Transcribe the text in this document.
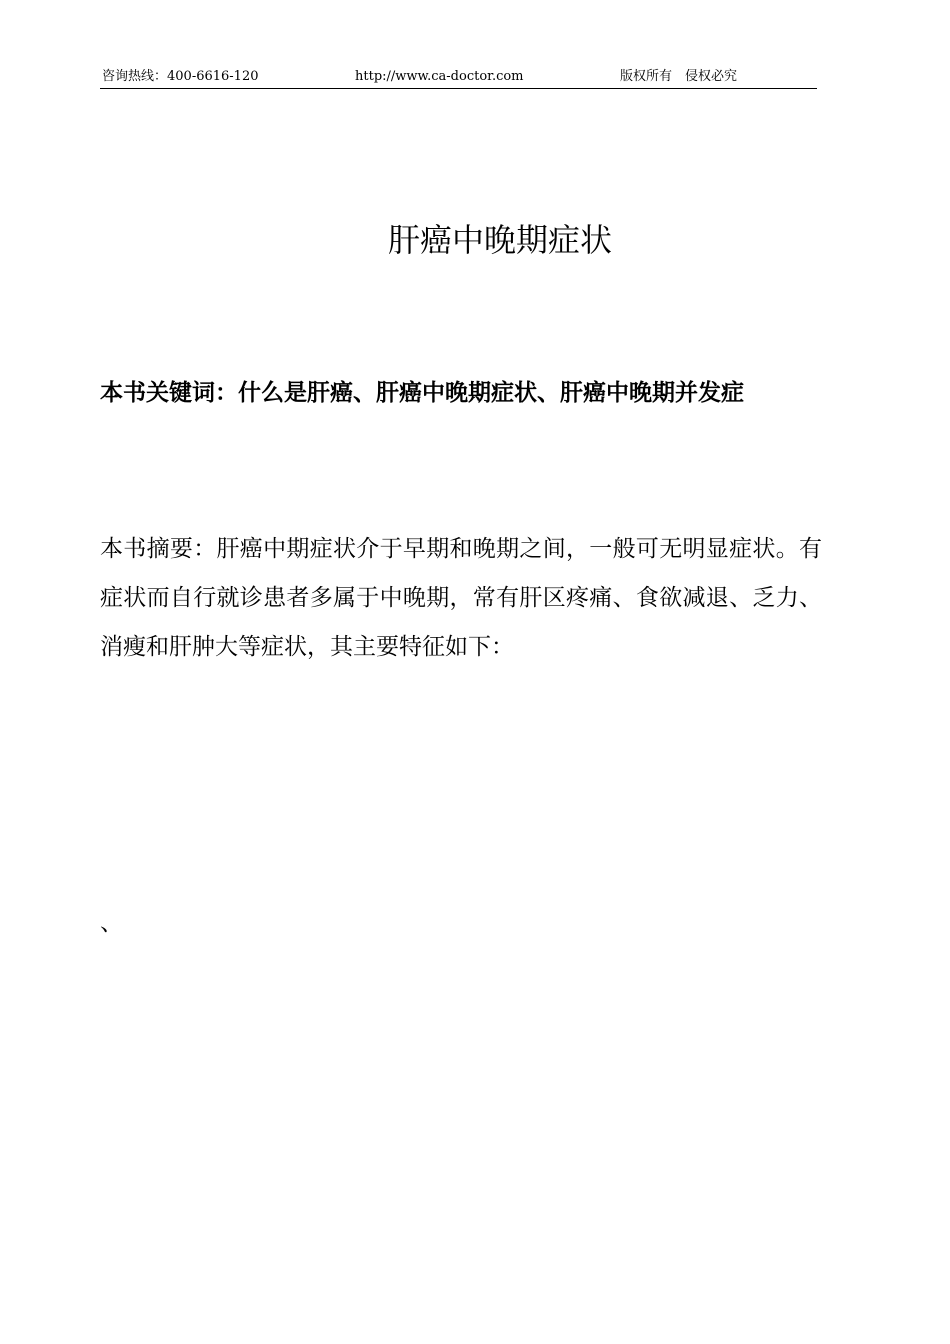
咨询热线：400-6616-120	http://www.ca-doctor.com	版权所有　侵权必究
肝癌中晚期症状
本书关键词：什么是肝癌、肝癌中晚期症状、肝癌中晚期并发症

本书摘要：肝癌中期症状介于早期和晚期之间，一般可无明显症状。有症状而自行就诊患者多属于中晚期，常有肝区疼痛、食欲减退、乏力、消瘦和肝肿大等症状，其主要特征如下：

、
